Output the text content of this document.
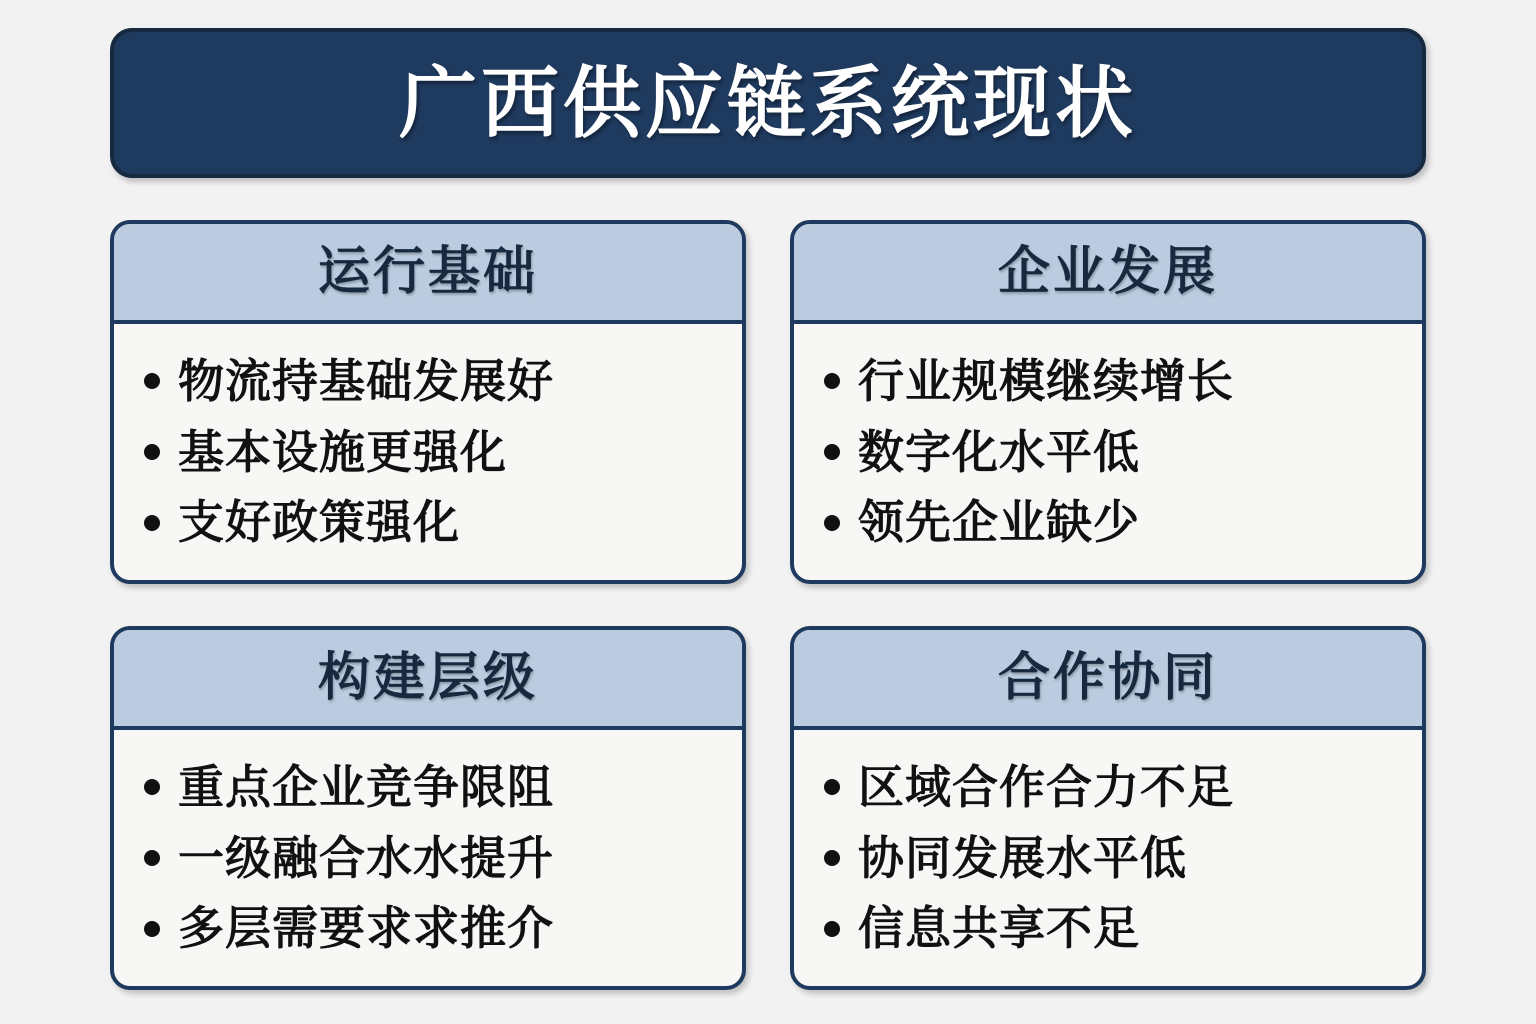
广西供应链系统现状
运行基础
物流持基础发展好
基本设施更强化
支好政策强化
企业发展
行业规模继续增长
数字化水平低
领先企业缺少
构建层级
重点企业竞争限阻
一级融合水水提升
多层需要求求推介
合作协同
区域合作合力不足
协同发展水平低
信息共享不足
